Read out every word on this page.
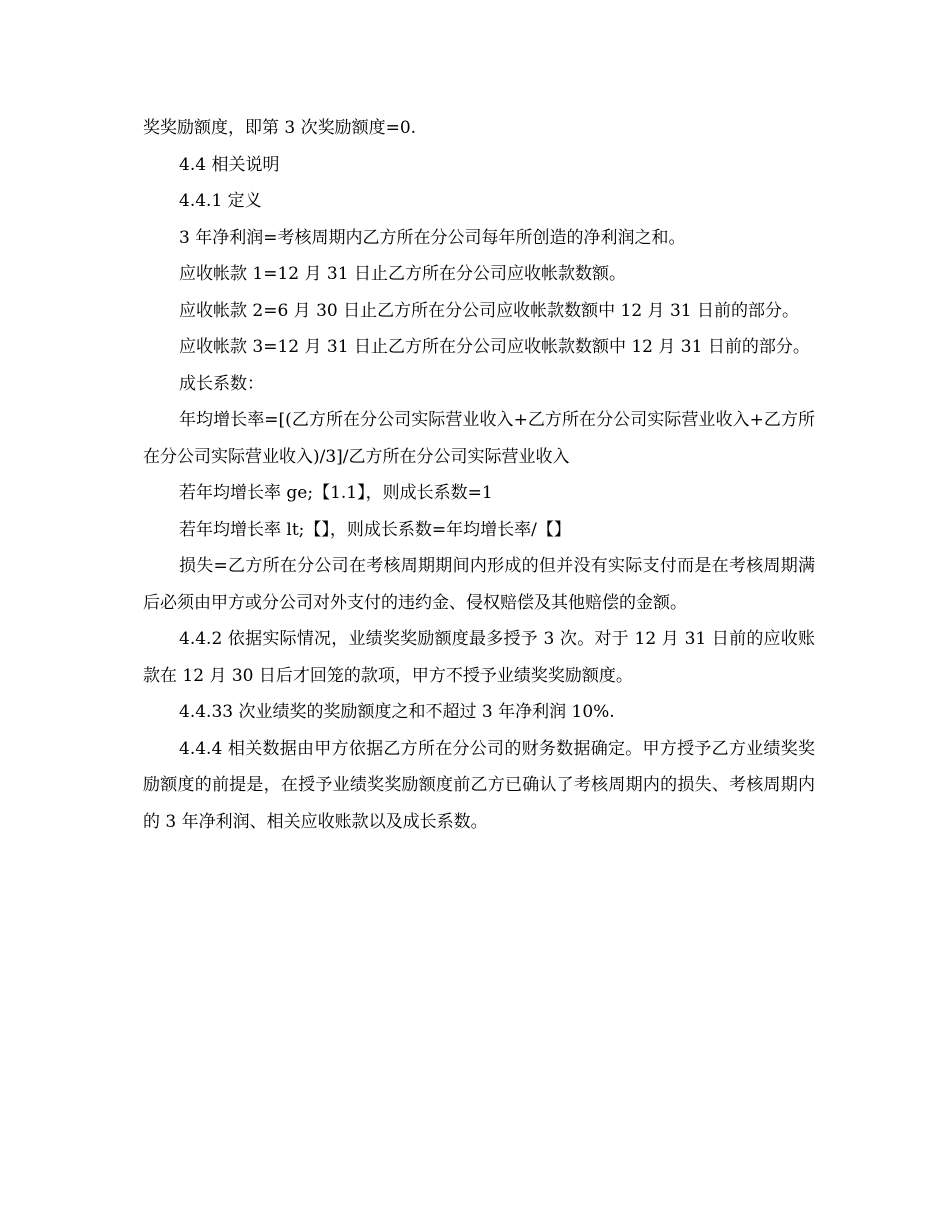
奖奖励额度，即第 3 次奖励额度=0.

4.4 相关说明

4.4.1 定义

3 年净利润=考核周期内乙方所在分公司每年所创造的净利润之和。

应收帐款 1=12 月 31 日止乙方所在分公司应收帐款数额。

应收帐款 2=6 月 30 日止乙方所在分公司应收帐款数额中 12 月 31 日前的部分。

应收帐款 3=12 月 31 日止乙方所在分公司应收帐款数额中 12 月 31 日前的部分。

成长系数：

年均增长率=[(乙方所在分公司实际营业收入+乙方所在分公司实际营业收入+乙方所在分公司实际营业收入)/3]/乙方所在分公司实际营业收入

若年均增长率 ge;【1.1】，则成长系数=1

若年均增长率 lt;【】，则成长系数=年均增长率/【】

损失=乙方所在分公司在考核周期期间内形成的但并没有实际支付而是在考核周期满后必须由甲方或分公司对外支付的违约金、侵权赔偿及其他赔偿的金额。

4.4.2 依据实际情况，业绩奖奖励额度最多授予 3 次。对于 12 月 31 日前的应收账款在 12 月 30 日后才回笼的款项，甲方不授予业绩奖奖励额度。

4.4.33 次业绩奖的奖励额度之和不超过 3 年净利润 10%.

4.4.4 相关数据由甲方依据乙方所在分公司的财务数据确定。甲方授予乙方业绩奖奖励额度的前提是，在授予业绩奖奖励额度前乙方已确认了考核周期内的损失、考核周期内的 3 年净利润、相关应收账款以及成长系数。
